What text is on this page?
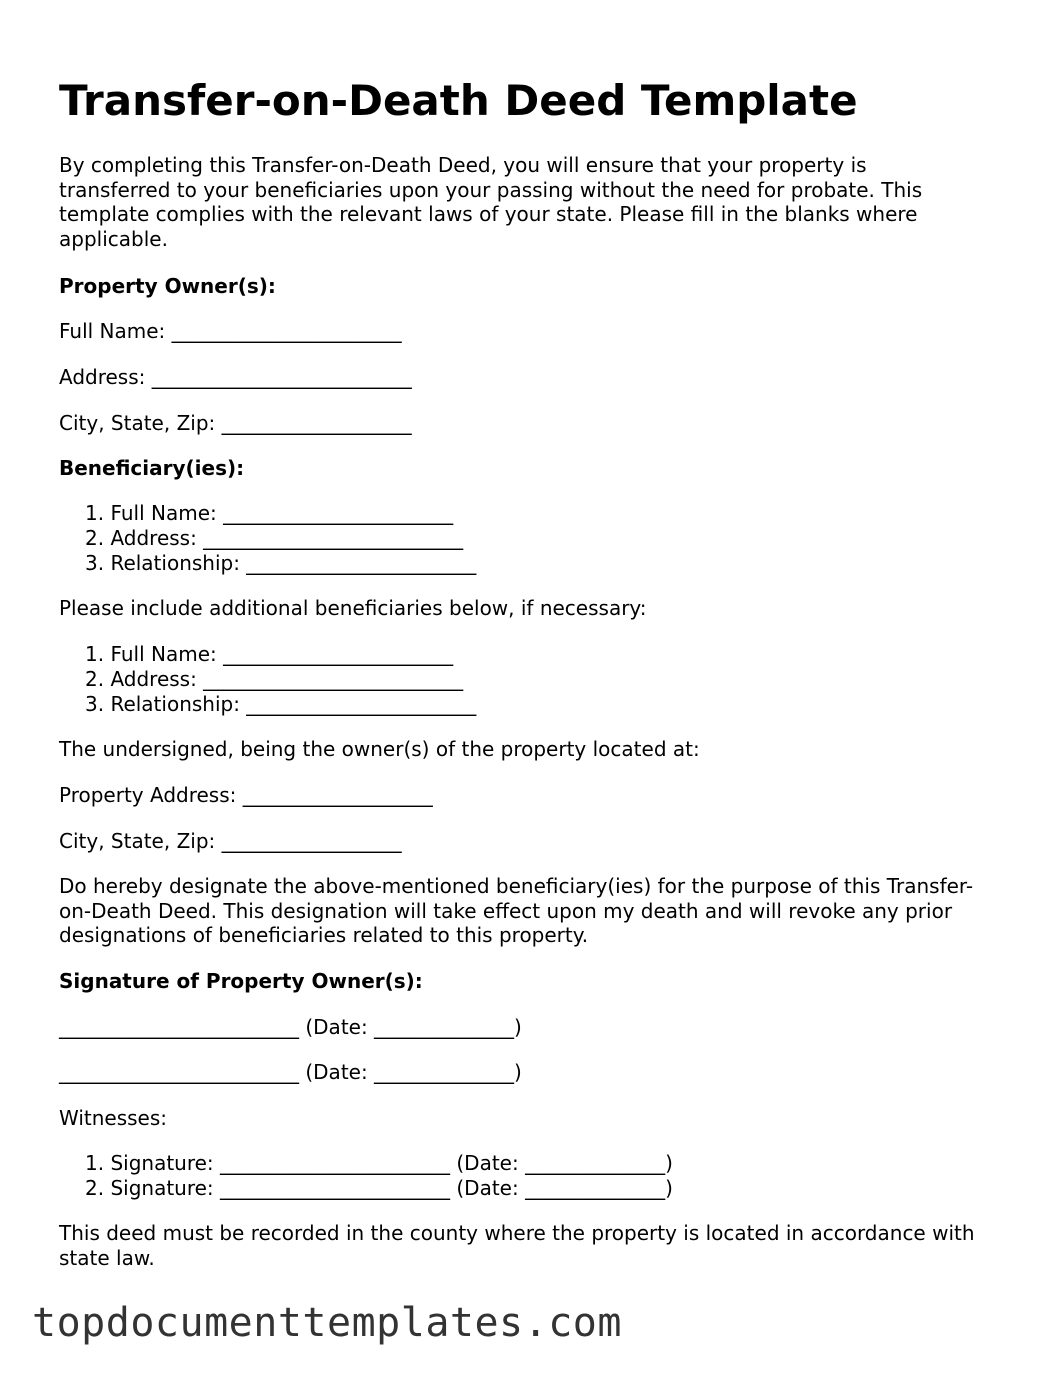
Transfer-on-Death Deed Template

By completing this Transfer-on-Death Deed, you will ensure that your property is transferred to your beneficiaries upon your passing without the need for probate. This template complies with the relevant laws of your state. Please fill in the blanks where applicable.

Property Owner(s):

Full Name: _______________________

Address: __________________________

City, State, Zip: ___________________

Beneficiary(ies):

1. Full Name: _______________________
2. Address: __________________________
3. Relationship: _______________________

Please include additional beneficiaries below, if necessary:

1. Full Name: _______________________
2. Address: __________________________
3. Relationship: _______________________

The undersigned, being the owner(s) of the property located at:

Property Address: ___________________

City, State, Zip: __________________

Do hereby designate the above-mentioned beneficiary(ies) for the purpose of this Transfer-on-Death Deed. This designation will take effect upon my death and will revoke any prior designations of beneficiaries related to this property.

Signature of Property Owner(s):

________________________ (Date: ______________)

________________________ (Date: ______________)

Witnesses:

1. Signature: _______________________ (Date: ______________)
2. Signature: _______________________ (Date: ______________)

This deed must be recorded in the county where the property is located in accordance with state law.

topdocumenttemplates.com
